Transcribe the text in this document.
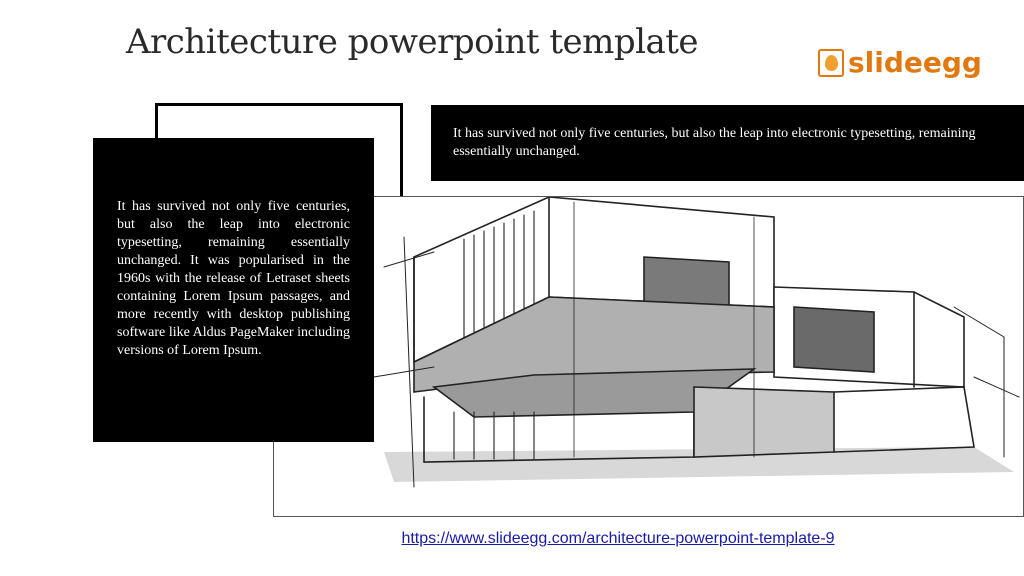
Architecture powerpoint template
slideegg
It has survived not only five centuries, but also the leap into electronic typesetting, remaining essentially unchanged.
It has survived not only five centuries, but also the leap into electronic typesetting, remaining essentially unchanged. It was popularised in the 1960s with the release of Letraset sheets containing Lorem Ipsum passages, and more recently with desktop publishing software like Aldus PageMaker including versions of Lorem Ipsum.
https://www.slideegg.com/architecture-powerpoint-template-9
